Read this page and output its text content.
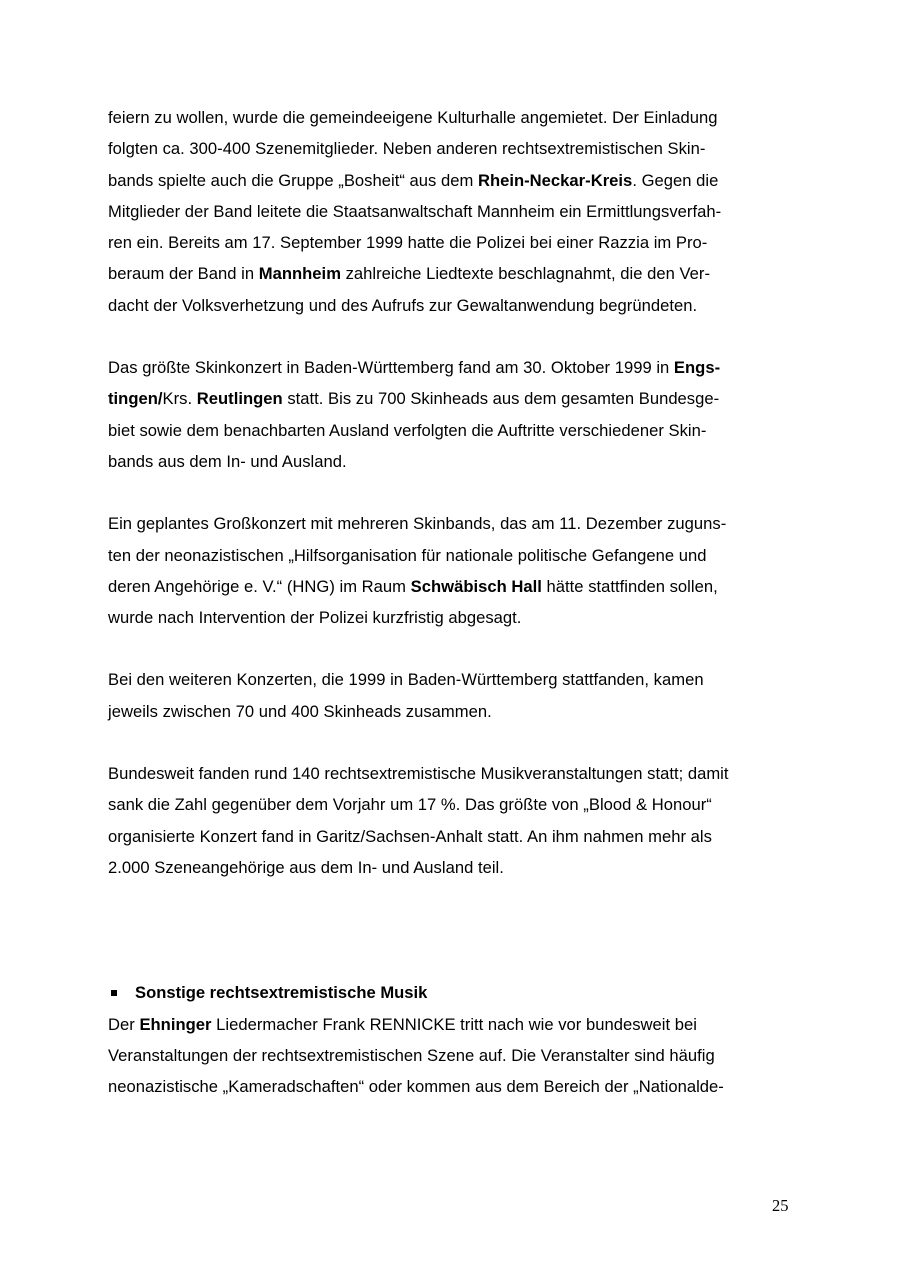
feiern zu wollen, wurde die gemeindeeigene Kulturhalle angemietet. Der Einladung
folgten ca. 300-400 Szenemitglieder. Neben anderen rechtsextremistischen Skin-
bands spielte auch die Gruppe „Bosheit“ aus dem Rhein-Neckar-Kreis. Gegen die
Mitglieder der Band leitete die Staatsanwaltschaft Mannheim ein Ermittlungsverfah-
ren ein. Bereits am 17. September 1999 hatte die Polizei bei einer Razzia im Pro-
beraum der Band in Mannheim zahlreiche Liedtexte beschlagnahmt, die den Ver-
dacht der Volksverhetzung und des Aufrufs zur Gewaltanwendung begründeten.

Das größte Skinkonzert in Baden-Württemberg fand am 30. Oktober 1999 in Engs-
tingen/Krs. Reutlingen statt. Bis zu 700 Skinheads aus dem gesamten Bundesge-
biet sowie dem benachbarten Ausland verfolgten die Auftritte verschiedener Skin-
bands aus dem In- und Ausland.

Ein geplantes Großkonzert mit mehreren Skinbands, das am 11. Dezember zuguns-
ten der neonazistischen „Hilfsorganisation für nationale politische Gefangene und
deren Angehörige e. V.“ (HNG) im Raum Schwäbisch Hall hätte stattfinden sollen,
wurde nach Intervention der Polizei kurzfristig abgesagt.

Bei den weiteren Konzerten, die 1999 in Baden-Württemberg stattfanden, kamen
jeweils zwischen 70 und 400 Skinheads zusammen.

Bundesweit fanden rund 140 rechtsextremistische Musikveranstaltungen statt; damit
sank die Zahl gegenüber dem Vorjahr um 17 %. Das größte von „Blood & Honour“
organisierte Konzert fand in Garitz/Sachsen-Anhalt statt. An ihm nahmen mehr als
2.000 Szeneangehörige aus dem In- und Ausland teil.

Sonstige rechtsextremistische Musik

Der Ehninger Liedermacher Frank RENNICKE tritt nach wie vor bundesweit bei
Veranstaltungen der rechtsextremistischen Szene auf. Die Veranstalter sind häufig
neonazistische „Kameradschaften“ oder kommen aus dem Bereich der „Nationalde-

25
